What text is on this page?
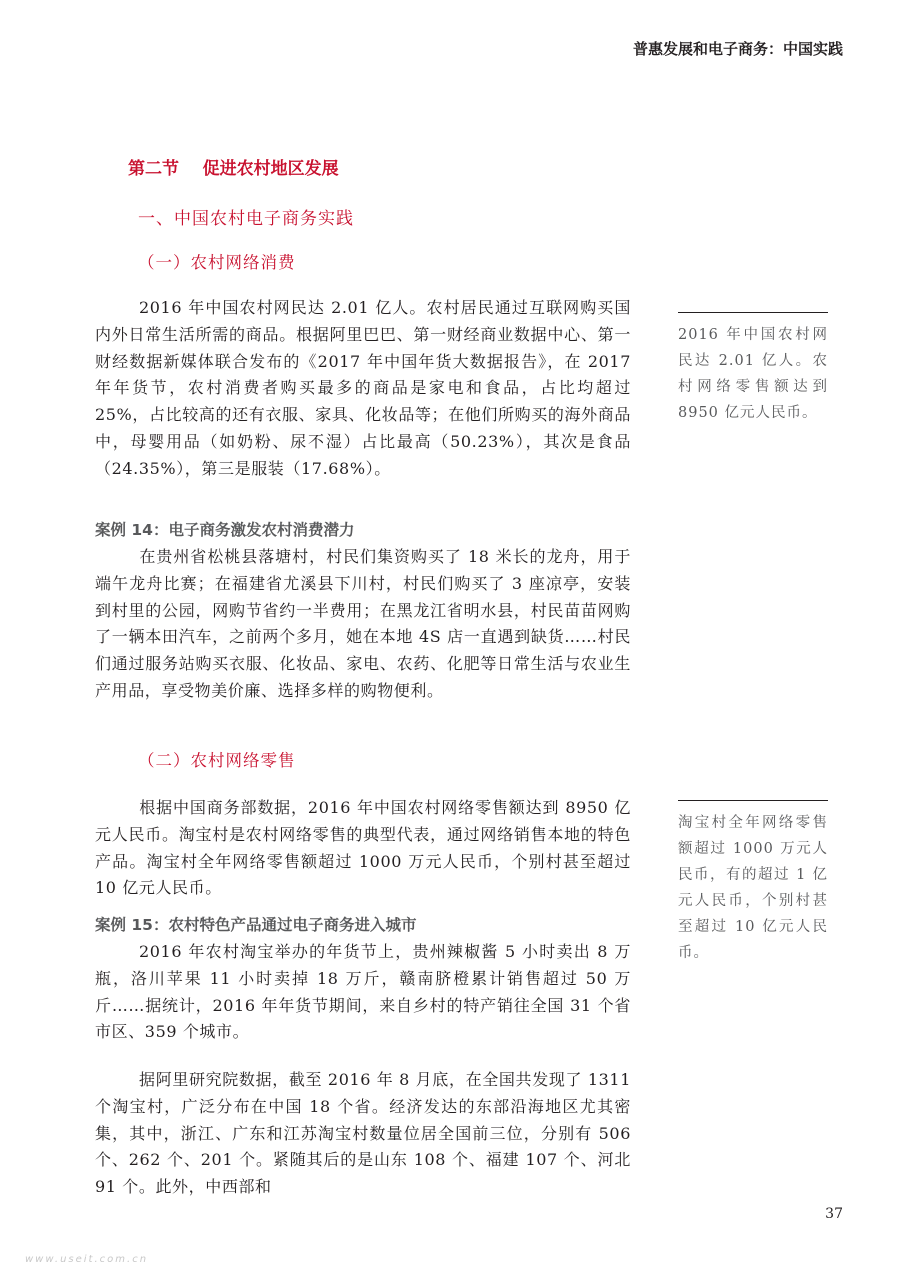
普惠发展和电子商务：中国实践
第二节    促进农村地区发展
一、中国农村电子商务实践
（一）农村网络消费
2016 年中国农村网民达 2.01 亿人。农村居民通过互联网购买国内外日常生活所需的商品。根据阿里巴巴、第一财经商业数据中心、第一财经数据新媒体联合发布的《2017 年中国年货大数据报告》，在 2017 年年货节，农村消费者购买最多的商品是家电和食品，占比均超过 25%，占比较高的还有衣服、家具、化妆品等；在他们所购买的海外商品中，母婴用品（如奶粉、尿不湿）占比最高（50.23%），其次是食品（24.35%），第三是服装（17.68%）。
2016 年中国农村网民达 2.01 亿人。农村网络零售额达到 8950 亿元人民币。
案例 14：电子商务激发农村消费潜力
在贵州省松桃县落塘村，村民们集资购买了 18 米长的龙舟，用于端午龙舟比赛；在福建省尤溪县下川村，村民们购买了 3 座凉亭，安装到村里的公园，网购节省约一半费用；在黑龙江省明水县，村民苗苗网购了一辆本田汽车，之前两个多月，她在本地 4S 店一直遇到缺货……村民们通过服务站购买衣服、化妆品、家电、农药、化肥等日常生活与农业生产用品，享受物美价廉、选择多样的购物便利。
（二）农村网络零售
根据中国商务部数据，2016 年中国农村网络零售额达到 8950 亿元人民币。淘宝村是农村网络零售的典型代表，通过网络销售本地的特色产品。淘宝村全年网络零售额超过 1000 万元人民币，个别村甚至超过 10 亿元人民币。
淘宝村全年网络零售额超过 1000 万元人民币，有的超过 1 亿元人民币，个别村甚至超过 10 亿元人民币。
案例 15：农村特色产品通过电子商务进入城市
2016 年农村淘宝举办的年货节上，贵州辣椒酱 5 小时卖出 8 万瓶，洛川苹果 11 小时卖掉 18 万斤，赣南脐橙累计销售超过 50 万斤……据统计，2016 年年货节期间，来自乡村的特产销往全国 31 个省市区、359 个城市。
据阿里研究院数据，截至 2016 年 8 月底，在全国共发现了 1311 个淘宝村，广泛分布在中国 18 个省。经济发达的东部沿海地区尤其密集，其中，浙江、广东和江苏淘宝村数量位居全国前三位，分别有 506 个、262 个、201 个。紧随其后的是山东 108 个、福建 107 个、河北 91 个。此外，中西部和
37
www.useit.com.cn
